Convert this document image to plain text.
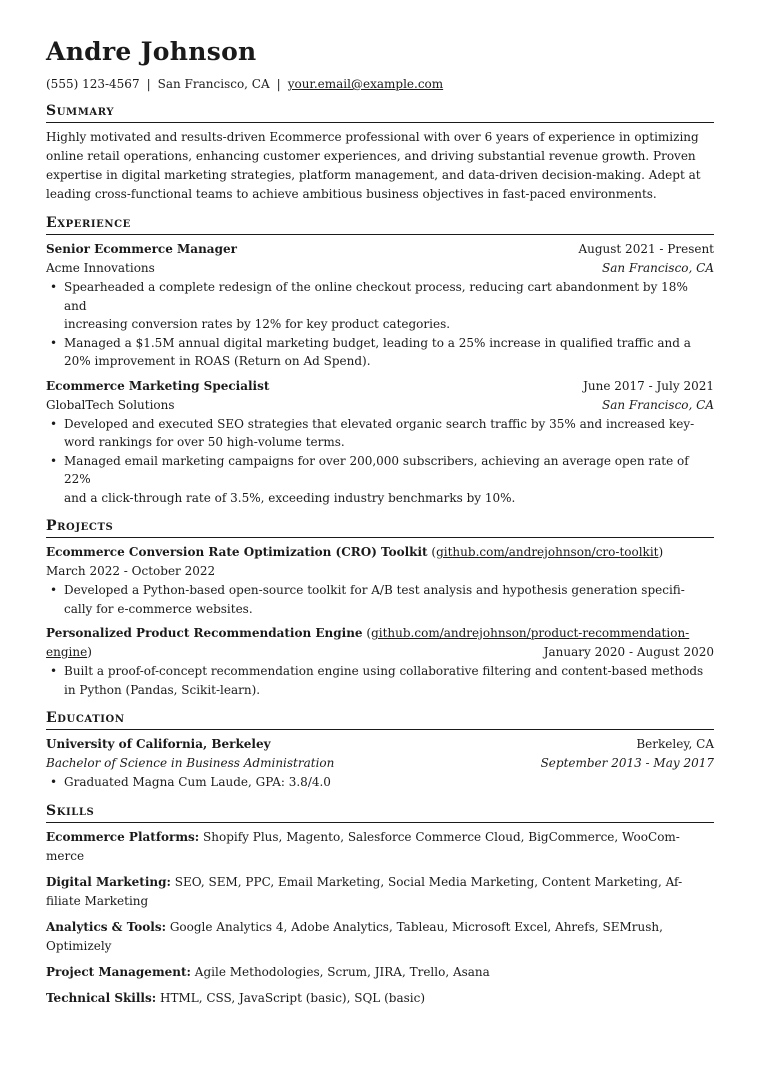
Andre Johnson
(555) 123-4567 | San Francisco, CA | your.email@example.com
Summary

Highly motivated and results-driven Ecommerce professional with over 6 years of experience in optimizing
online retail operations, enhancing customer experiences, and driving substantial revenue growth. Proven
expertise in digital marketing strategies, platform management, and data-driven decision-making. Adept at
leading cross-functional teams to achieve ambitious business objectives in fast-paced environments.

Experience
Senior Ecommerce Manager	August 2021 - Present
Acme Innovations	San Francisco, CA
• Spearheaded a complete redesign of the online checkout process, reducing cart abandonment by 18% and
increasing conversion rates by 12% for key product categories.
• Managed a $1.5M annual digital marketing budget, leading to a 25% increase in qualified traffic and a
20% improvement in ROAS (Return on Ad Spend).
Ecommerce Marketing Specialist	June 2017 - July 2021
GlobalTech Solutions	San Francisco, CA
• Developed and executed SEO strategies that elevated organic search traffic by 35% and increased key-
word rankings for over 50 high-volume terms.
• Managed email marketing campaigns for over 200,000 subscribers, achieving an average open rate of 22%
and a click-through rate of 3.5%, exceeding industry benchmarks by 10%.
Projects
Ecommerce Conversion Rate Optimization (CRO) Toolkit (github.com/andrejohnson/cro-toolkit)
March 2022 - October 2022
• Developed a Python-based open-source toolkit for A/B test analysis and hypothesis generation specifi-
cally for e-commerce websites.
Personalized Product Recommendation Engine (github.com/andrejohnson/product-recommendation-
engine)	January 2020 - August 2020
• Built a proof-of-concept recommendation engine using collaborative filtering and content-based methods
in Python (Pandas, Scikit-learn).
Education
University of California, Berkeley	Berkeley, CA
Bachelor of Science in Business Administration	September 2013 - May 2017
• Graduated Magna Cum Laude, GPA: 3.8/4.0
Skills
Ecommerce Platforms: Shopify Plus, Magento, Salesforce Commerce Cloud, BigCommerce, WooCom-
merce
Digital Marketing: SEO, SEM, PPC, Email Marketing, Social Media Marketing, Content Marketing, Af-
filiate Marketing
Analytics & Tools: Google Analytics 4, Adobe Analytics, Tableau, Microsoft Excel, Ahrefs, SEMrush,
Optimizely
Project Management: Agile Methodologies, Scrum, JIRA, Trello, Asana
Technical Skills: HTML, CSS, JavaScript (basic), SQL (basic)
